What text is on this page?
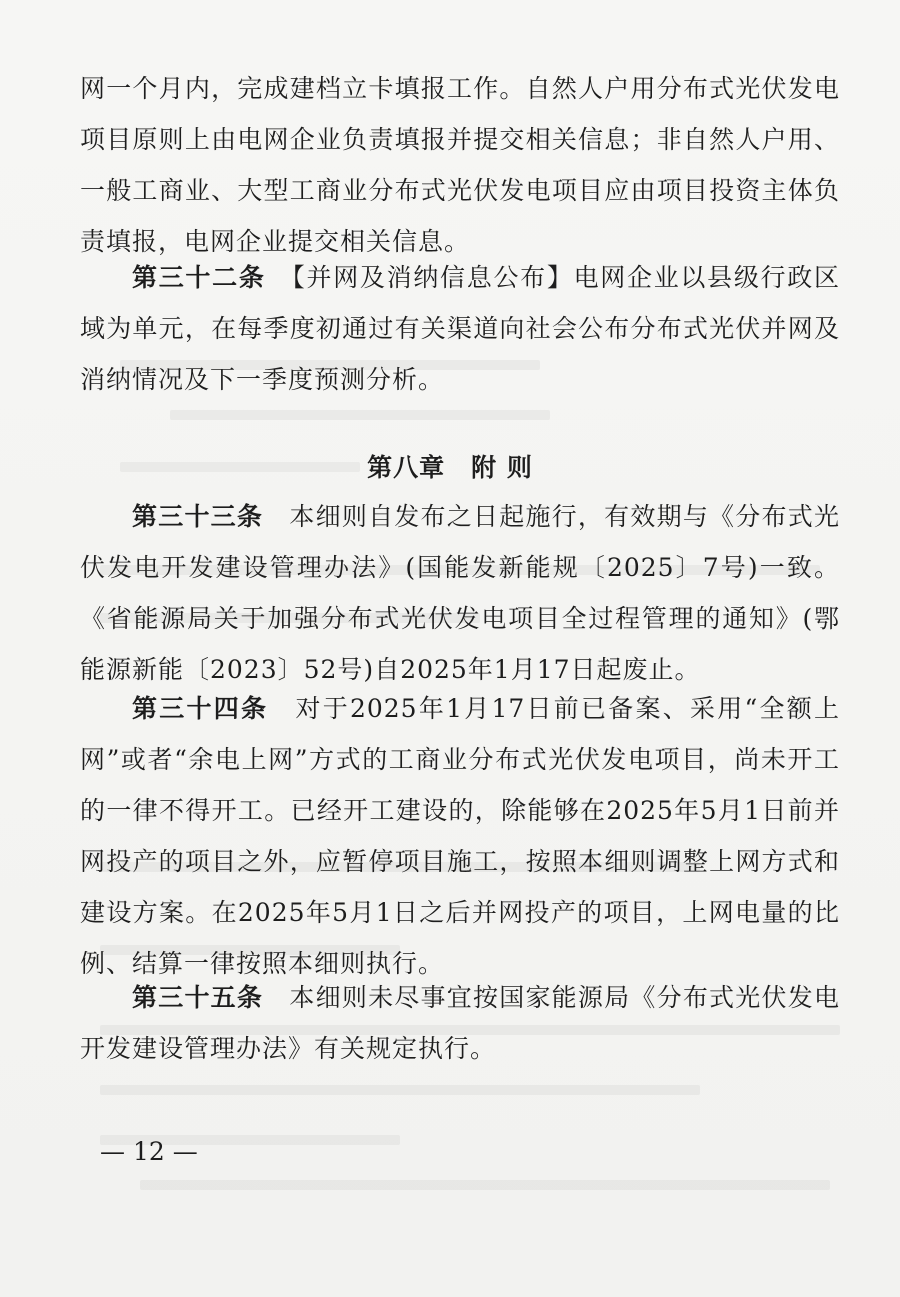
网一个月内，完成建档立卡填报工作。自然人户用分布式光伏发电项目原则上由电网企业负责填报并提交相关信息；非自然人户用、一般工商业、大型工商业分布式光伏发电项目应由项目投资主体负责填报，电网企业提交相关信息。

第三十二条　 【并网及消纳信息公布】电网企业以县级行政区域为单元，在每季度初通过有关渠道向社会公布分布式光伏并网及消纳情况及下一季度预测分析。

第八章　附 则

第三十三条　 本细则自发布之日起施行，有效期与《分布式光伏发电开发建设管理办法》(国能发新能规〔2025〕7号)一致。《省能源局关于加强分布式光伏发电项目全过程管理的通知》(鄂能源新能〔2023〕52号)自2025年1月17日起废止。

第三十四条　 对于2025年1月17日前已备案、采用“全额上网”或者“余电上网”方式的工商业分布式光伏发电项目，尚未开工的一律不得开工。已经开工建设的，除能够在2025年5月1日前并网投产的项目之外，应暂停项目施工，按照本细则调整上网方式和建设方案。在2025年5月1日之后并网投产的项目，上网电量的比例、结算一律按照本细则执行。

第三十五条　 本细则未尽事宜按国家能源局《分布式光伏发电开发建设管理办法》有关规定执行。

— 12 —
